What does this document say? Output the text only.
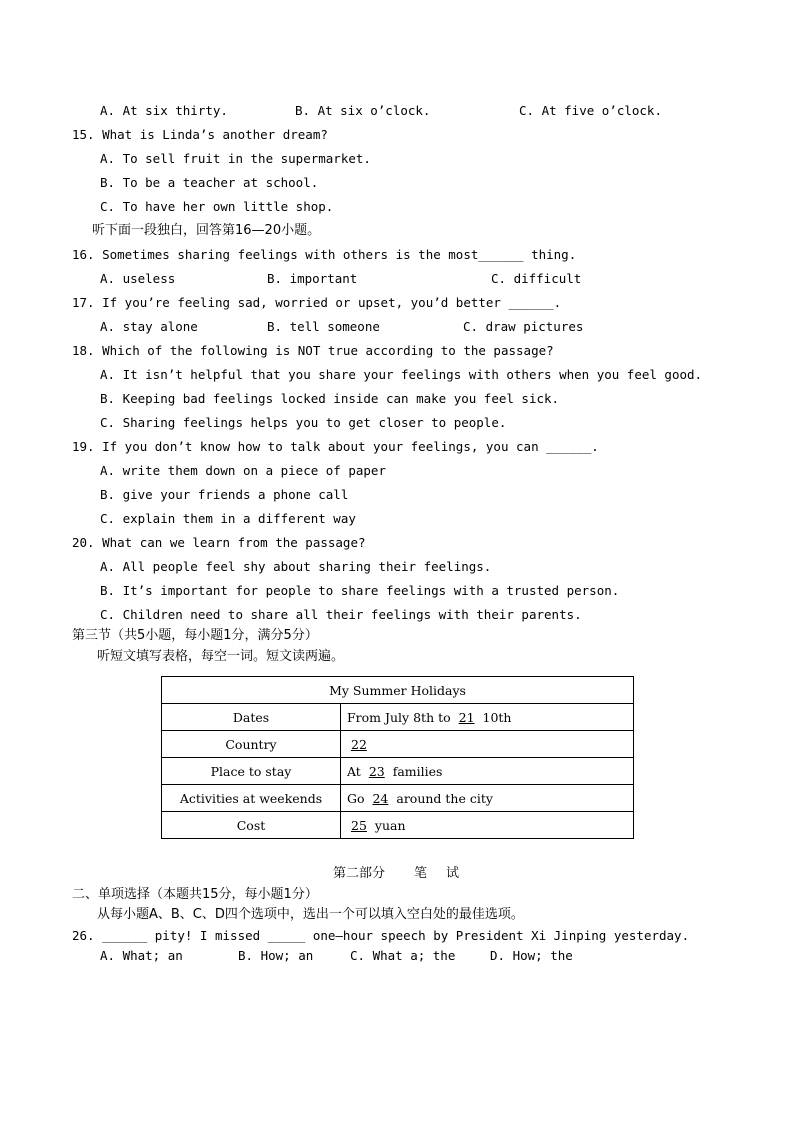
A. At six thirty.	B. At six o’clock.	C. At five o’clock.
15. What is Linda’s another dream?
A. To sell fruit in the supermarket.
B. To be a teacher at school.
C. To have her own little shop.
听下面一段独白，回答第16—20小题。
16. Sometimes sharing feelings with others is the most______ thing.
A. useless	B. important	C. difficult
17. If you’re feeling sad, worried or upset, you’d better ______.
A. stay alone	B. tell someone	C. draw pictures
18. Which of the following is NOT true according to the passage?
A. It isn’t helpful that you share your feelings with others when you feel good.
B. Keeping bad feelings locked inside can make you feel sick.
C. Sharing feelings helps you to get closer to people.
19. If you don’t know how to talk about your feelings, you can ______.
A. write them down on a piece of paper
B. give your friends a phone call
C. explain them in a different way
20. What can we learn from the passage?
A. All people feel shy about sharing their feelings.
B. It’s important for people to share feelings with a trusted person.
C. Children need to share all their feelings with their parents.
第三节（共5小题，每小题1分，满分5分）
听短文填写表格，每空一词。短文读两遍。
My Summer Holidays	
Dates	From July 8th to 21 10th
Country	22
Place to stay	At 23 families
Activities at weekends	Go 24 around the city
Cost	25 yuan
第二部分 笔 试
二、单项选择（本题共15分，每小题1分）
从每小题A、B、C、D四个选项中，选出一个可以填入空白处的最佳选项。
26. ______ pity! I missed _____ one—hour speech by President Xi Jinping yesterday.
A. What; an	B. How; an	C. What a; the	D. How; the
